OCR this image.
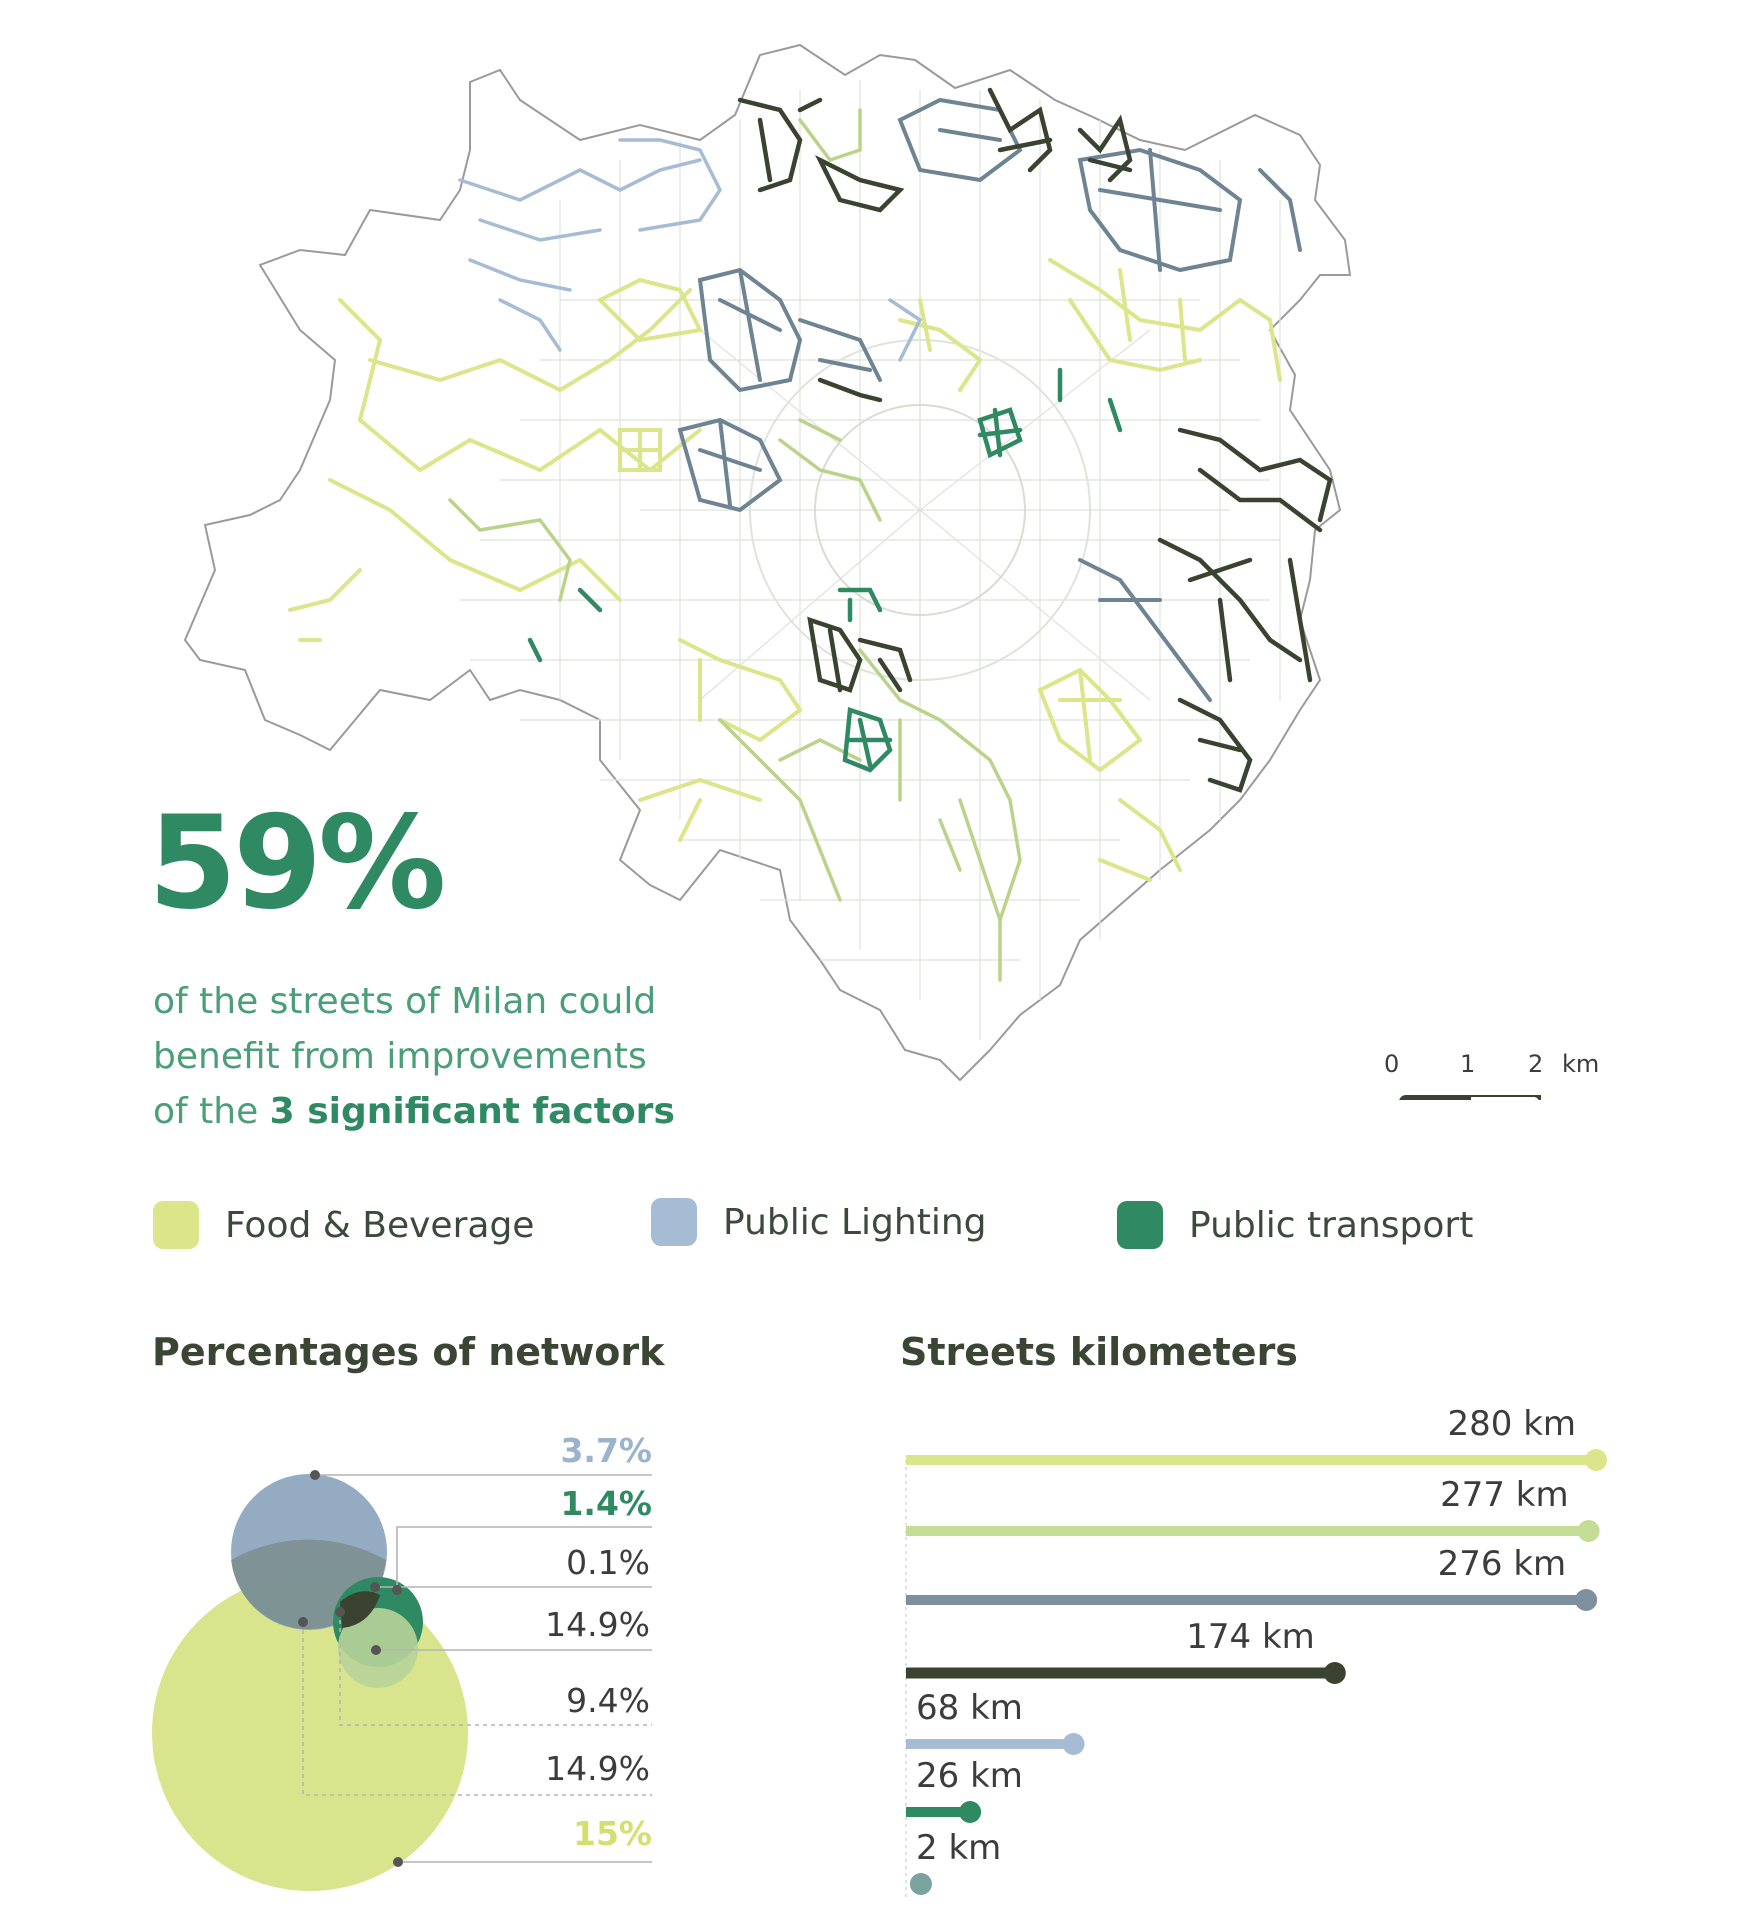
0	1 2 km
59%
of the streets of Milan could
benefit from improvements
of the 3 significant factors
Food & Beverage	Public Lighting	Public transport
Percentages of network	Streets kilometers
3.7%
1.4%
0.1%
14.9%
9.4%
14.9%
15%
280 km
277 km
276 km
174 km
68 km
26 km
2 km
